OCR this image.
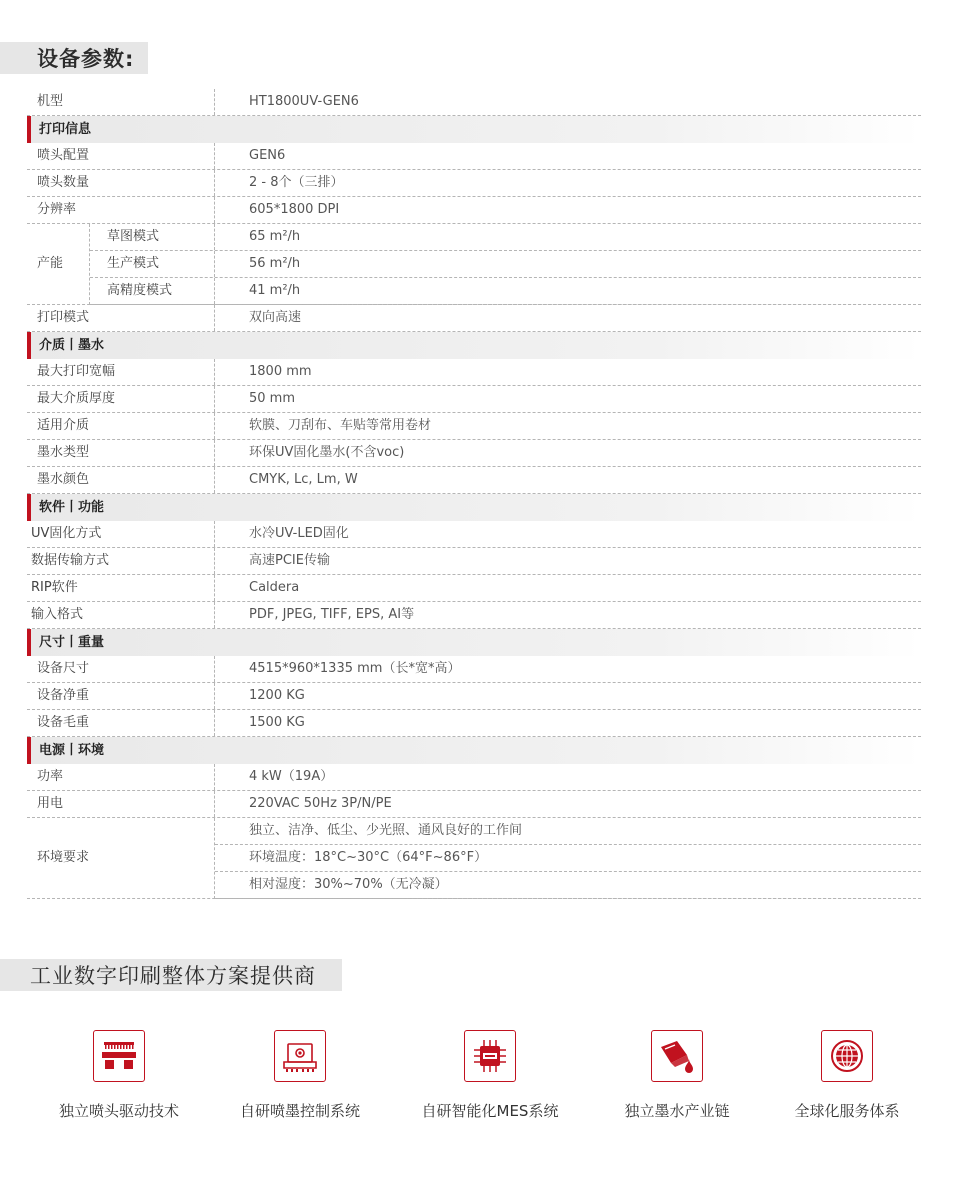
设备参数:
机型	HT1800UV-GEN6
打印信息
喷头配置	GEN6
喷头数量	2 - 8个（三排）
分辨率	605*1800 DPI
产能
草图模式	65 m²/h
生产模式	56 m²/h
高精度模式	41 m²/h
打印模式	双向高速
介质丨墨水
最大打印宽幅	1800 mm
最大介质厚度	50 mm
适用介质	软膜、刀刮布、车贴等常用卷材
墨水类型	环保UV固化墨水(不含voc)
墨水颜色	CMYK, Lc, Lm, W
软件丨功能
UV固化方式	水冷UV-LED固化
数据传输方式	高速PCIE传输
RIP软件	Caldera
输入格式	PDF, JPEG, TIFF, EPS, AI等
尺寸丨重量
设备尺寸	4515*960*1335 mm（长*宽*高）
设备净重	1200 KG
设备毛重	1500 KG
电源丨环境
功率	4 kW（19A）
用电	220VAC 50Hz 3P/N/PE
环境要求
独立、洁净、低尘、少光照、通风良好的工作间
环境温度：18°C~30°C（64°F~86°F）
相对湿度：30%~70%（无冷凝）
工业数字印刷整体方案提供商
独立喷头驱动技术	自研喷墨控制系统	自研智能化MES系统	独立墨水产业链	全球化服务体系
